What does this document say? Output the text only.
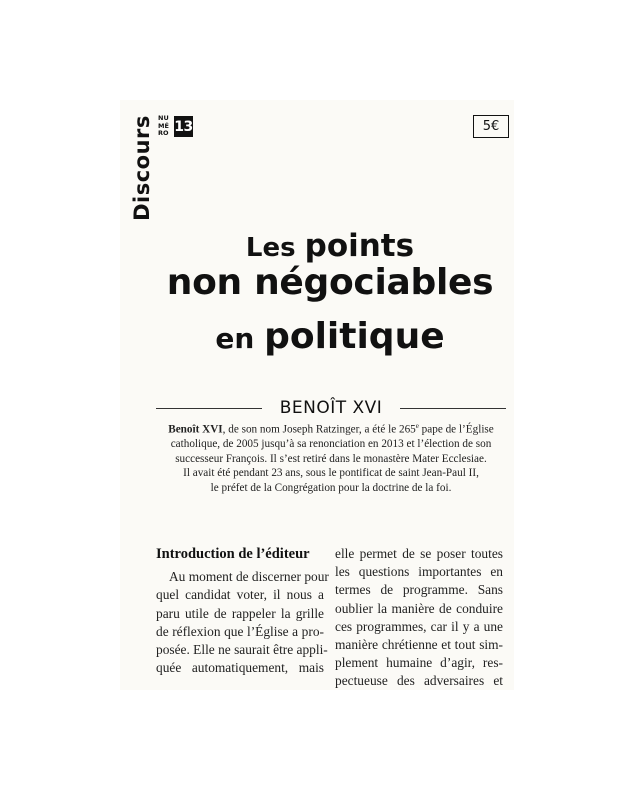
Discours NU
MÉ
RO 13	5€
Les points
non négociables
en politique
BENOÎT XVI

Benoît XVI, de son nom Joseph Ratzinger, a été le 265e pape de l’Église

catholique, de 2005 jusqu’à sa renonciation en 2013 et l’élection de son

successeur François. Il s’est retiré dans le monastère Mater Ecclesiae.

Il avait été pendant 23 ans, sous le pontificat de saint Jean-Paul II,

le préfet de la Congrégation pour la doctrine de la foi.

Introduction de l’éditeur

Au moment de discerner pour
quel candidat voter, il nous a
paru utile de rappeler la grille
de réflexion que l’Église a pro-
posée. Elle ne saurait être appli-
quée automatiquement, mais

elle permet de se poser toutes
les questions importantes en
termes de programme. Sans
oublier la manière de conduire
ces programmes, car il y a une
manière chrétienne et tout sim-
plement humaine d’agir, res-
pectueuse des adversaires et
